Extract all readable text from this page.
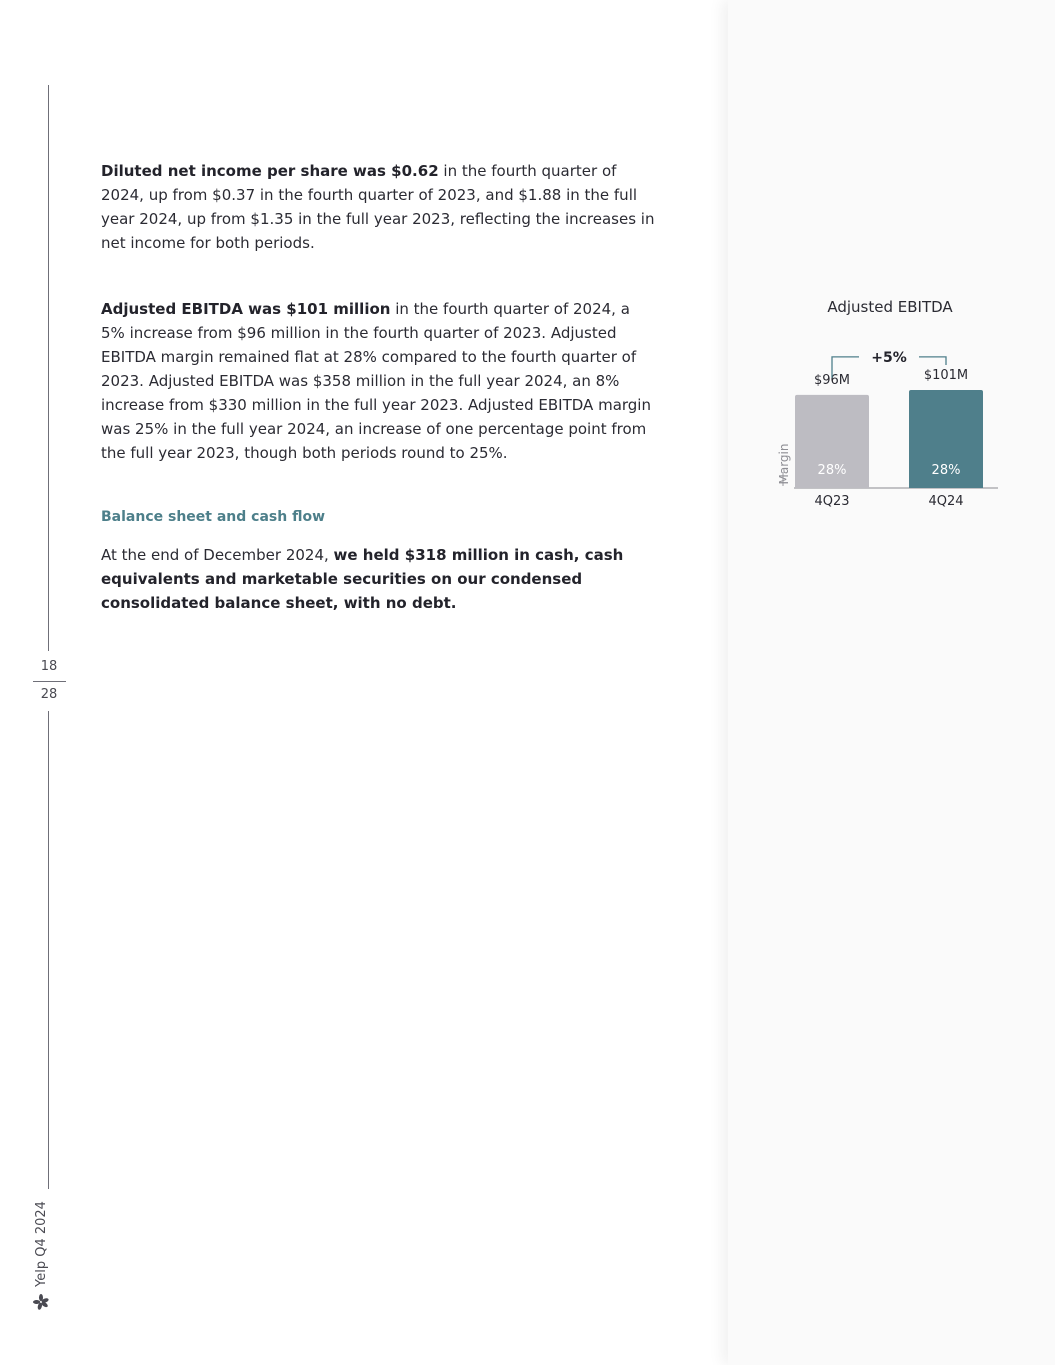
18
28
Yelp Q4 2024

Diluted net income per share was $0.62 in the fourth quarter of 2024, up from $0.37 in the fourth quarter of 2023, and $1.88 in the full year 2024, up from $1.35 in the full year 2023, reflecting the increases in net income for both periods.

Adjusted EBITDA was $101 million in the fourth quarter of 2024, a 5% increase from $96 million in the fourth quarter of 2023. Adjusted EBITDA margin remained flat at 28% compared to the fourth quarter of 2023. Adjusted EBITDA was $358 million in the full year 2024, an 8% increase from $330 million in the full year 2023. Adjusted EBITDA margin was 25% in the full year 2024, an increase of one percentage point from the full year 2023, though both periods round to 25%.

Balance sheet and cash flow

At the end of December 2024, we held $318 million in cash, cash equivalents and marketable securities on our condensed consolidated balance sheet, with no debt.

Adjusted EBITDA
$96M
28%
4Q23
$101M
28%
4Q24
+5%
Margin
